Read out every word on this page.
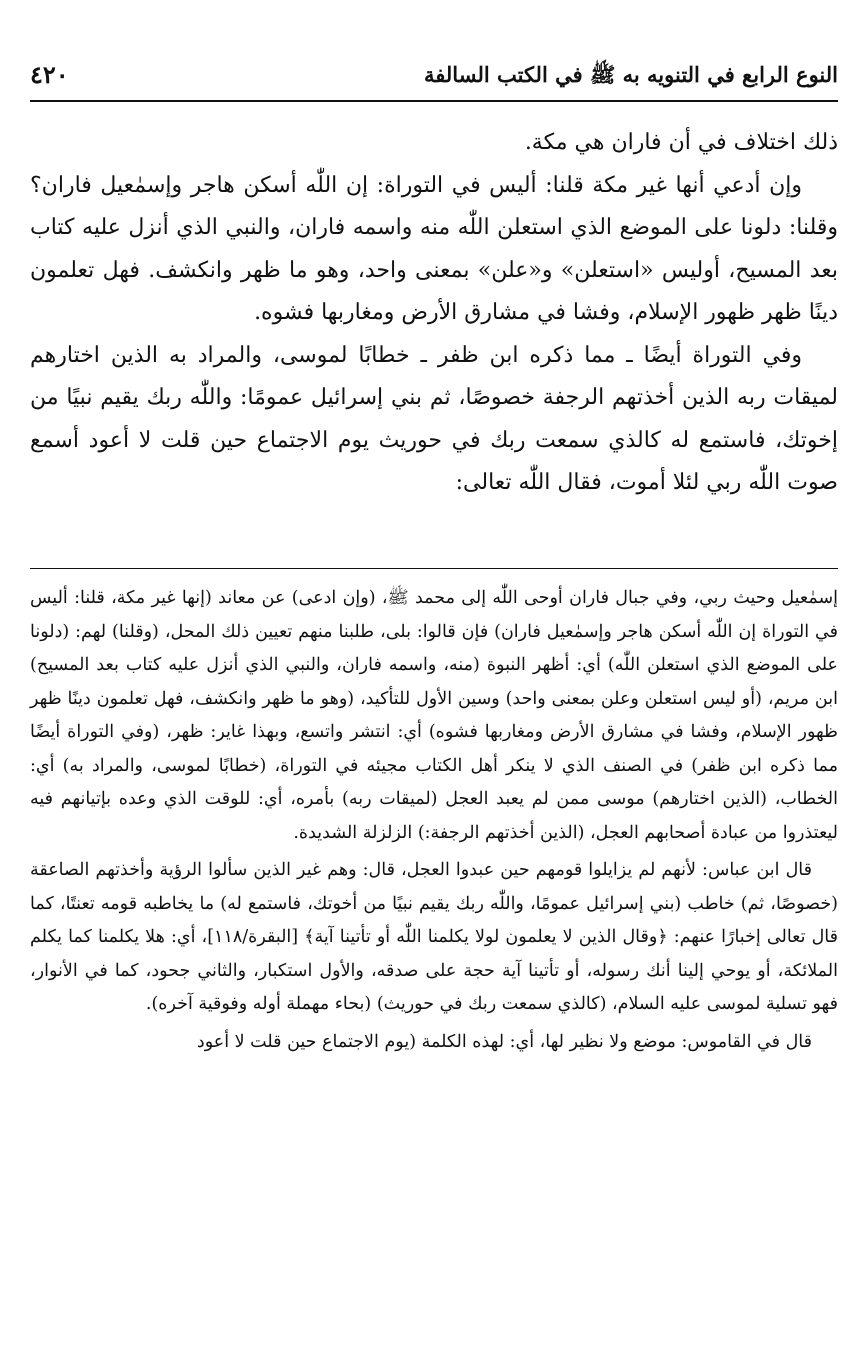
النوع الرابع في التنويه به ﷺ في الكتب السالفة
٤٢٠

ذلك اختلاف في أن فاران هي مكة.

وإن أدعي أنها غير مكة قلنا: أليس في التوراة: إن اللّٰه أسكن هاجر وإسمٰعيل فاران؟ وقلنا: دلونا على الموضع الذي استعلن اللّٰه منه واسمه فاران، والنبي الذي أنزل عليه كتاب بعد المسيح، أوليس «استعلن» و«علن» بمعنى واحد، وهو ما ظهر وانكشف. فهل تعلمون دينًا ظهر ظهور الإسلام، وفشا في مشارق الأرض ومغاربها فشوه.

وفي التوراة أيضًا ـ مما ذكره ابن ظفر ـ خطابًا لموسى، والمراد به الذين اختارهم لميقات ربه الذين أخذتهم الرجفة خصوصًا، ثم بني إسرائيل عمومًا: واللّٰه ربك يقيم نبيًا من إخوتك، فاستمع له كالذي سمعت ربك في حوريث يوم الاجتماع حين قلت لا أعود أسمع صوت اللّٰه ربي لئلا أموت، فقال اللّٰه تعالى:

إسمٰعيل وحيث ربي، وفي جبال فاران أوحى اللّٰه إلى محمد ﷺ، (وإن ادعى) عن معاند (إنها غير مكة، قلنا: أليس في التوراة إن اللّٰه أسكن هاجر وإسمٰعيل فاران) فإن قالوا: بلى، طلبنا منهم تعيين ذلك المحل، (وقلنا) لهم: (دلونا على الموضع الذي استعلن اللّٰه) أي: أظهر النبوة (منه، واسمه فاران، والنبي الذي أنزل عليه كتاب بعد المسيح) ابن مريم، (أو ليس استعلن وعلن بمعنى واحد) وسين الأول للتأكيد، (وهو ما ظهر وانكشف، فهل تعلمون دينًا ظهر ظهور الإسلام، وفشا في مشارق الأرض ومغاربها فشوه) أي: انتشر واتسع، وبهذا غاير: ظهر، (وفي التوراة أيضًا مما ذكره ابن ظفر) في الصنف الذي لا ينكر أهل الكتاب مجيئه في التوراة، (خطابًا لموسى، والمراد به) أي: الخطاب، (الذين اختارهم) موسى ممن لم يعبد العجل (لميقات ربه) بأمره، أي: للوقت الذي وعده بإتيانهم فيه ليعتذروا من عبادة أصحابهم العجل، (الذين أخذتهم الرجفة:) الزلزلة الشديدة.

قال ابن عباس: لأنهم لم يزايلوا قومهم حين عبدوا العجل، قال: وهم غير الذين سألوا الرؤية وأخذتهم الصاعقة (خصوصًا، ثم) خاطب (بني إسرائيل عمومًا، واللّٰه ربك يقيم نبيًا من أخوتك، فاستمع له) ما يخاطبه قومه تعنتًا، كما قال تعالى إخبارًا عنهم: ﴿وقال الذين لا يعلمون لولا يكلمنا اللّٰه أو تأتينا آية﴾ [البقرة/١١٨]، أي: هلا يكلمنا كما يكلم الملائكة، أو يوحي إلينا أنك رسوله، أو تأتينا آية حجة على صدقه، والأول استكبار، والثاني جحود، كما في الأنوار، فهو تسلية لموسى عليه السلام، (كالذي سمعت ربك في حوريث) (بحاء مهملة أوله وفوقية آخره).

قال في القاموس: موضع ولا نظير لها، أي: لهذه الكلمة (يوم الاجتماع حين قلت لا أعود
